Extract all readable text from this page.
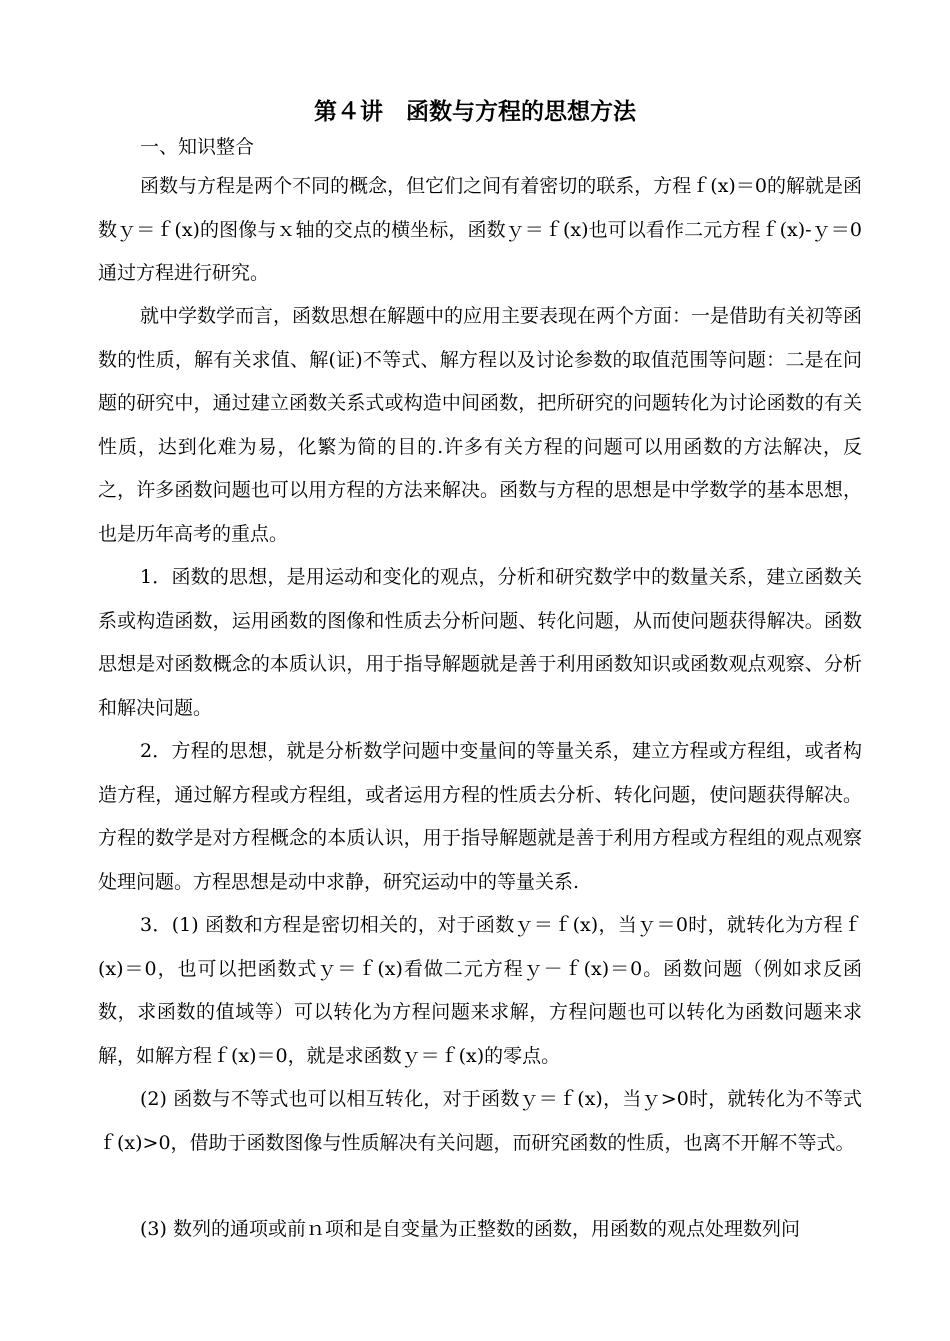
第４讲　函数与方程的思想方法
一、知识整合

函数与方程是两个不同的概念，但它们之间有着密切的联系，方程ｆ(x)＝0的解就是函数ｙ＝ｆ(x)的图像与ｘ轴的交点的横坐标，函数ｙ＝ｆ(x)也可以看作二元方程ｆ(x)-ｙ＝0通过方程进行研究。

就中学数学而言，函数思想在解题中的应用主要表现在两个方面：一是借助有关初等函数的性质，解有关求值、解(证)不等式、解方程以及讨论参数的取值范围等问题：二是在问题的研究中，通过建立函数关系式或构造中间函数，把所研究的问题转化为讨论函数的有关性质，达到化难为易，化繁为简的目的.许多有关方程的问题可以用函数的方法解决，反之，许多函数问题也可以用方程的方法来解决。函数与方程的思想是中学数学的基本思想，也是历年高考的重点。

1．函数的思想，是用运动和变化的观点，分析和研究数学中的数量关系，建立函数关系或构造函数，运用函数的图像和性质去分析问题、转化问题，从而使问题获得解决。函数思想是对函数概念的本质认识，用于指导解题就是善于利用函数知识或函数观点观察、分析和解决问题。

2．方程的思想，就是分析数学问题中变量间的等量关系，建立方程或方程组，或者构造方程，通过解方程或方程组，或者运用方程的性质去分析、转化问题，使问题获得解决。方程的数学是对方程概念的本质认识，用于指导解题就是善于利用方程或方程组的观点观察处理问题。方程思想是动中求静，研究运动中的等量关系.

3．(1) 函数和方程是密切相关的，对于函数ｙ＝ｆ(x)，当ｙ＝0时，就转化为方程ｆ(x)＝0，也可以把函数式ｙ＝ｆ(x)看做二元方程ｙ－ｆ(x)＝0。函数问题（例如求反函数，求函数的值域等）可以转化为方程问题来求解，方程问题也可以转化为函数问题来求解，如解方程ｆ(x)＝0，就是求函数ｙ＝ｆ(x)的零点。

(2) 函数与不等式也可以相互转化，对于函数ｙ＝ｆ(x)，当ｙ>0时，就转化为不等式ｆ(x)>0，借助于函数图像与性质解决有关问题，而研究函数的性质，也离不开解不等式。

(3) 数列的通项或前ｎ项和是自变量为正整数的函数，用函数的观点处理数列问
